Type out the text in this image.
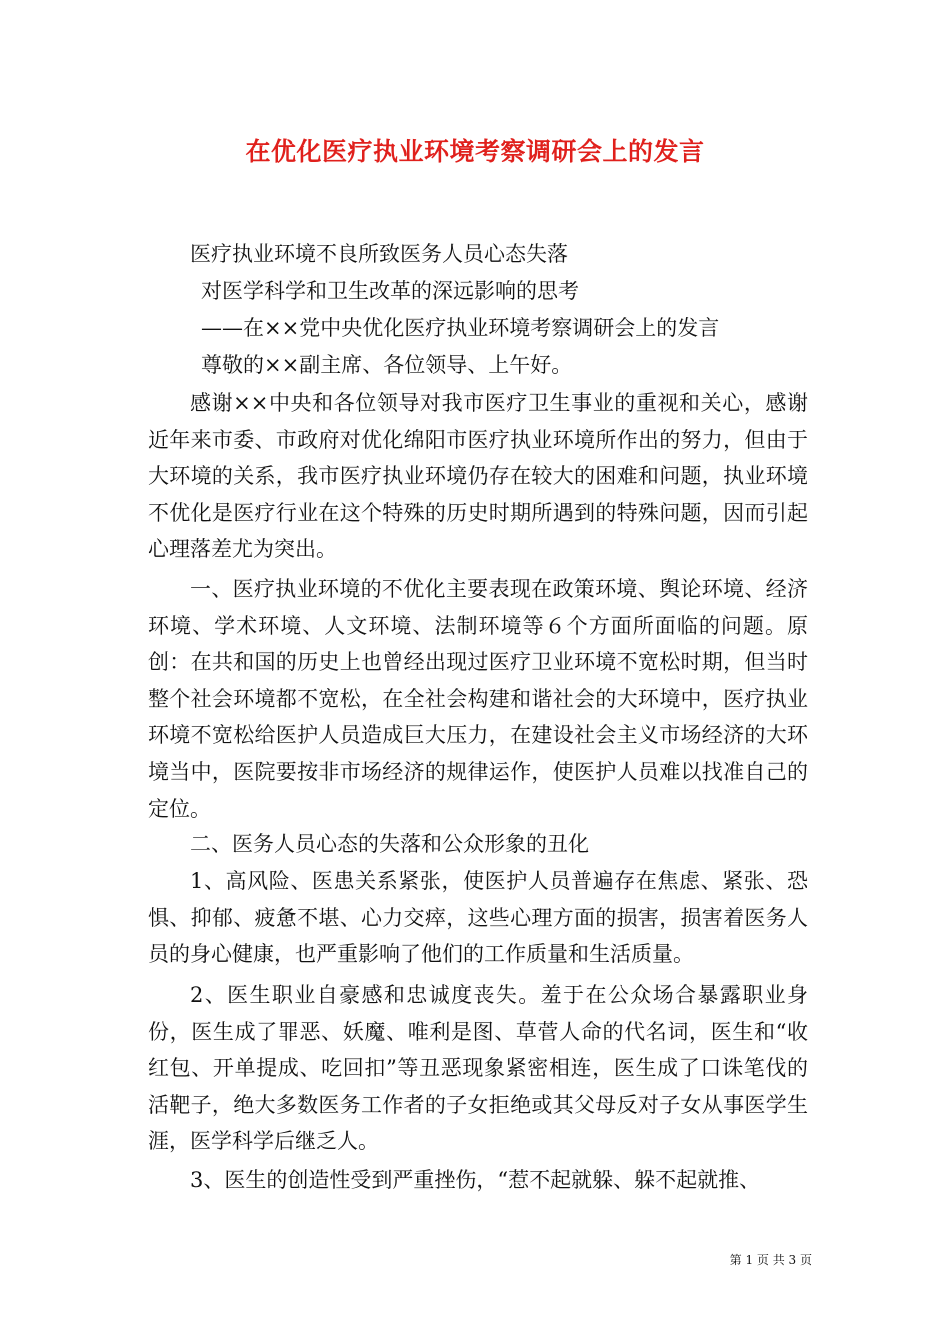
在优化医疗执业环境考察调研会上的发言
医疗执业环境不良所致医务人员心态失落
对医学科学和卫生改革的深远影响的思考
——在××党中央优化医疗执业环境考察调研会上的发言
尊敬的××副主席、各位领导、上午好。

感谢××中央和各位领导对我市医疗卫生事业的重视和关心，感谢近年来市委、市政府对优化绵阳市医疗执业环境所作出的努力，但由于大环境的关系，我市医疗执业环境仍存在较大的困难和问题，执业环境不优化是医疗行业在这个特殊的历史时期所遇到的特殊问题，因而引起心理落差尤为突出。

一、医疗执业环境的不优化主要表现在政策环境、舆论环境、经济环境、学术环境、人文环境、法制环境等６个方面所面临的问题。原创：在共和国的历史上也曾经出现过医疗卫业环境不宽松时期，但当时整个社会环境都不宽松，在全社会构建和谐社会的大环境中，医疗执业环境不宽松给医护人员造成巨大压力，在建设社会主义市场经济的大环境当中，医院要按非市场经济的规律运作，使医护人员难以找准自己的定位。

二、医务人员心态的失落和公众形象的丑化

1、高风险、医患关系紧张，使医护人员普遍存在焦虑、紧张、恐惧、抑郁、疲惫不堪、心力交瘁，这些心理方面的损害，损害着医务人员的身心健康，也严重影响了他们的工作质量和生活质量。

2、医生职业自豪感和忠诚度丧失。羞于在公众场合暴露职业身份，医生成了罪恶、妖魔、唯利是图、草菅人命的代名词，医生和“收红包、开单提成、吃回扣”等丑恶现象紧密相连，医生成了口诛笔伐的活靶子，绝大多数医务工作者的子女拒绝或其父母反对子女从事医学生涯，医学科学后继乏人。

3、医生的创造性受到严重挫伤，“惹不起就躲、躲不起就推、

第 1 页 共 3 页
